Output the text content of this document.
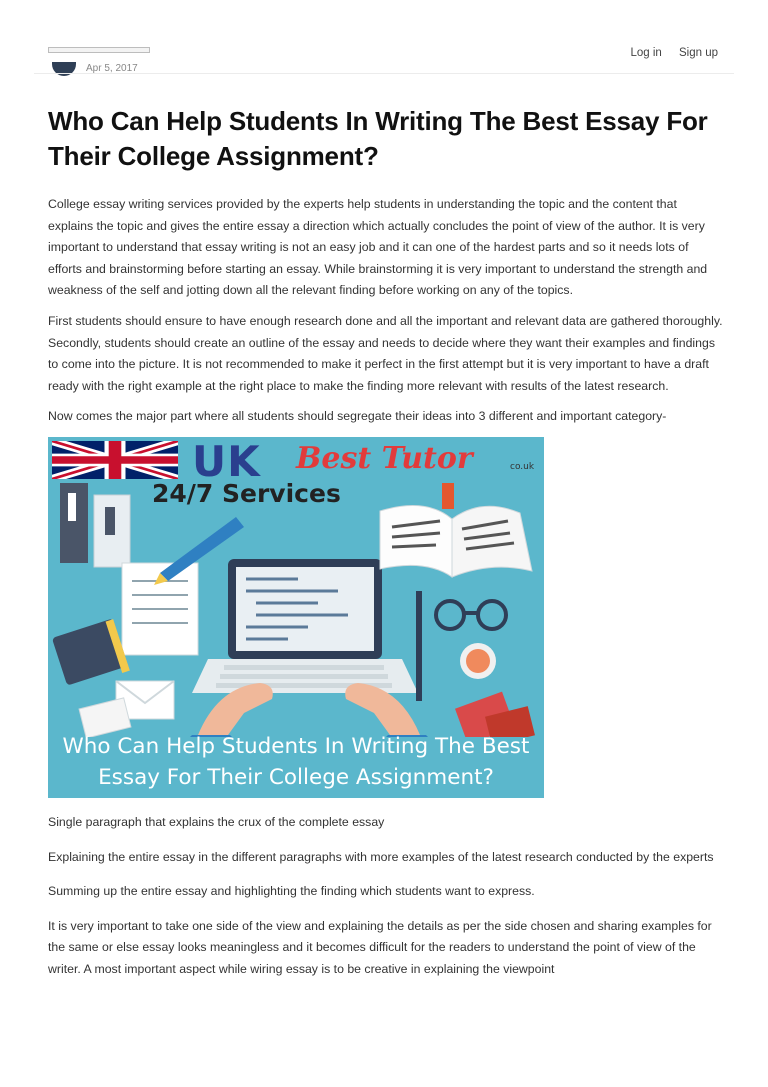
Apr 5, 2017
Log in Sign up
Who Can Help Students In Writing The Best Essay For Their College Assignment?

College essay writing services provided by the experts help students in understanding the topic and the content that explains the topic and gives the entire essay a direction which actually concludes the point of view of the author. It is very important to understand that essay writing is not an easy job and it can one of the hardest parts and so it needs lots of efforts and brainstorming before starting an essay. While brainstorming it is very important to understand the strength and weakness of the self and jotting down all the relevant finding before working on any of the topics.

First students should ensure to have enough research done and all the important and relevant data are gathered thoroughly. Secondly, students should create an outline of the essay and needs to decide where they want their examples and findings to come into the picture. It is not recommended to make it perfect in the first attempt but it is very important to have a draft ready with the right example at the right place to make the finding more relevant with results of the latest research.

Now comes the major part where all students should segregate their ideas into 3 different and important category-

UK Best Tutor	co.uk
24/7 Services
Who Can Help Students In Writing The Best
Essay For Their College Assignment?

Single paragraph that explains the crux of the complete essay

Explaining the entire essay in the different paragraphs with more examples of the latest research conducted by the experts

Summing up the entire essay and highlighting the finding which students want to express.

It is very important to take one side of the view and explaining the details as per the side chosen and sharing examples for the same or else essay looks meaningless and it becomes difficult for the readers to understand the point of view of the writer. A most important aspect while wiring essay is to be creative in explaining the viewpoint
